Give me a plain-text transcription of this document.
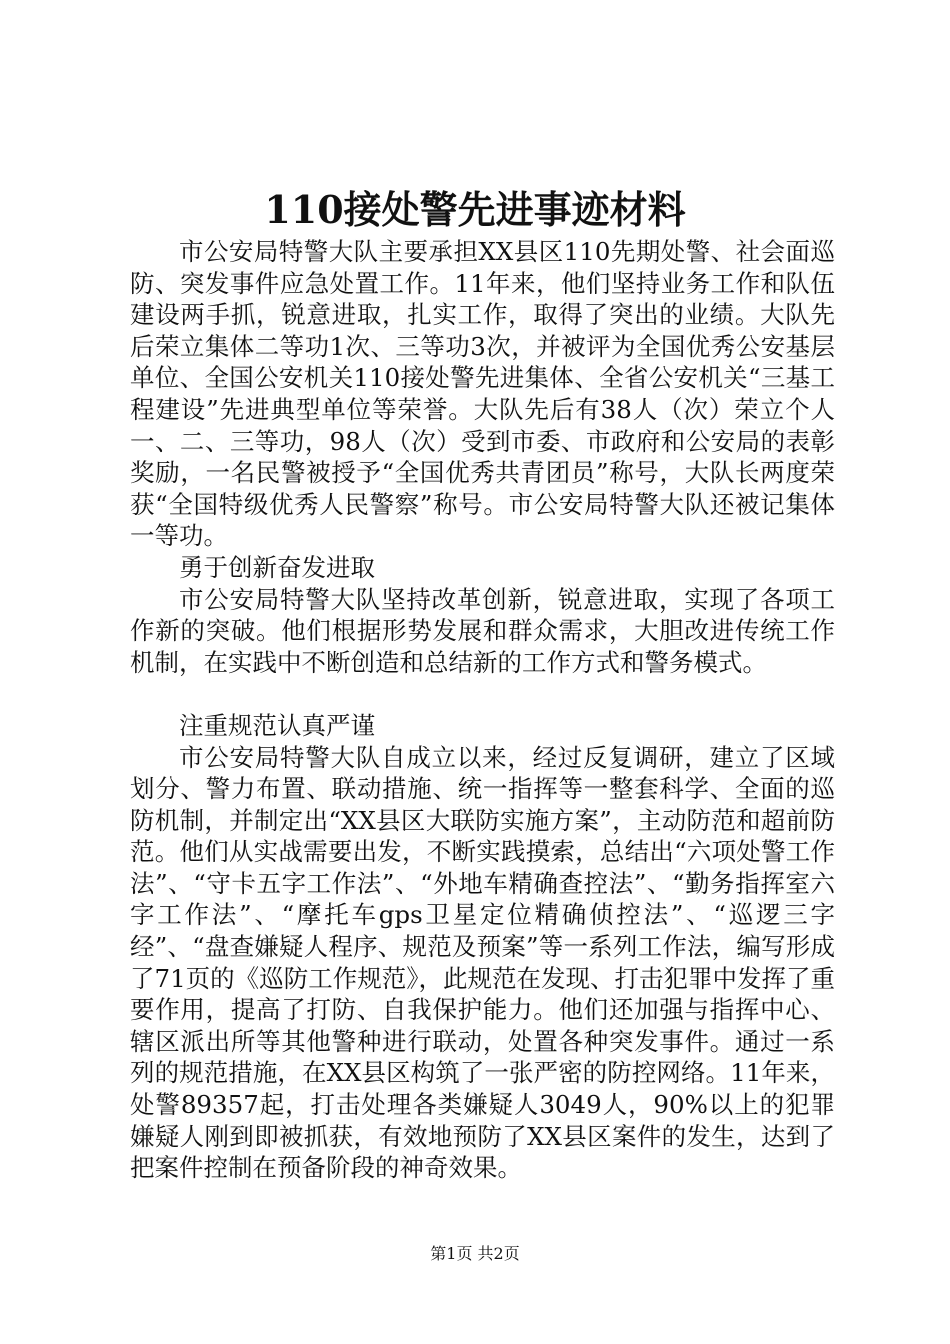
110接处警先进事迹材料

市公安局特警大队主要承担XX县区110先期处警、社会面巡防、突发事件应急处置工作。11年来，他们坚持业务工作和队伍建设两手抓，锐意进取，扎实工作，取得了突出的业绩。大队先后荣立集体二等功1次、三等功3次，并被评为全国优秀公安基层单位、全国公安机关110接处警先进集体、全省公安机关“三基工程建设”先进典型单位等荣誉。大队先后有38人（次）荣立个人一、二、三等功，98人（次）受到市委、市政府和公安局的表彰奖励，一名民警被授予“全国优秀共青团员”称号，大队长两度荣获“全国特级优秀人民警察”称号。市公安局特警大队还被记集体一等功。

勇于创新奋发进取

市公安局特警大队坚持改革创新，锐意进取，实现了各项工作新的突破。他们根据形势发展和群众需求，大胆改进传统工作机制，在实践中不断创造和总结新的工作方式和警务模式。

注重规范认真严谨

市公安局特警大队自成立以来，经过反复调研，建立了区域划分、警力布置、联动措施、统一指挥等一整套科学、全面的巡防机制，并制定出“XX县区大联防实施方案”，主动防范和超前防范。他们从实战需要出发，不断实践摸索，总结出“六项处警工作法”、“守卡五字工作法”、“外地车精确查控法”、“勤务指挥室六字工作法”、“摩托车gps卫星定位精确侦控法”、“巡逻三字经”、“盘查嫌疑人程序、规范及预案”等一系列工作法，编写形成了71页的《巡防工作规范》，此规范在发现、打击犯罪中发挥了重要作用，提高了打防、自我保护能力。他们还加强与指挥中心、辖区派出所等其他警种进行联动，处置各种突发事件。通过一系列的规范措施，在XX县区构筑了一张严密的防控网络。11年来，处警89357起，打击处理各类嫌疑人3049人，90%以上的犯罪嫌疑人刚到即被抓获，有效地预防了XX县区案件的发生，达到了把案件控制在预备阶段的神奇效果。

第1页 共2页
